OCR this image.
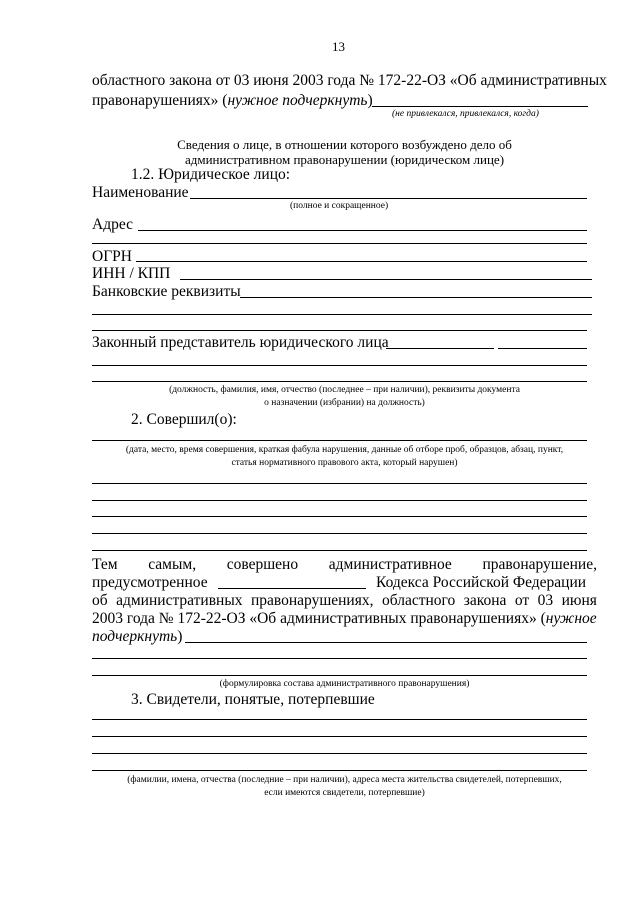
13
областного закона от 03 июня 2003 года № 172-22-ОЗ «Об административных
правонарушениях» (нужное подчеркнуть)
(не привлекался, привлекался, когда)
Сведения о лице, в отношении которого возбуждено дело об
административном правонарушении (юридическом лице)
1.2. Юридическое лицо:
Наименование
(полное и сокращенное)
Адрес
ОГРН
ИНН / КПП
Банковские реквизиты
Законный представитель юридического лица
(должность, фамилия, имя, отчество (последнее – при наличии), реквизиты документа
о назначении (избрании) на должность)
2. Совершил(о):
(дата, место, время совершения, краткая фабула нарушения, данные об отборе проб, образцов, абзац, пункт,
статья нормативного правового акта, который нарушен)
Тем самым, совершено административное правонарушение,
предусмотренное	Кодекса Российской Федерации
об административных правонарушениях, областного закона от 03 июня
2003 года № 172-22-ОЗ «Об административных правонарушениях» (нужное
подчеркнуть)
(формулировка состава административного правонарушения)
3. Свидетели, понятые, потерпевшие
(фамилии, имена, отчества (последние – при наличии), адреса места жительства свидетелей, потерпевших,
если имеются свидетели, потерпевшие)
